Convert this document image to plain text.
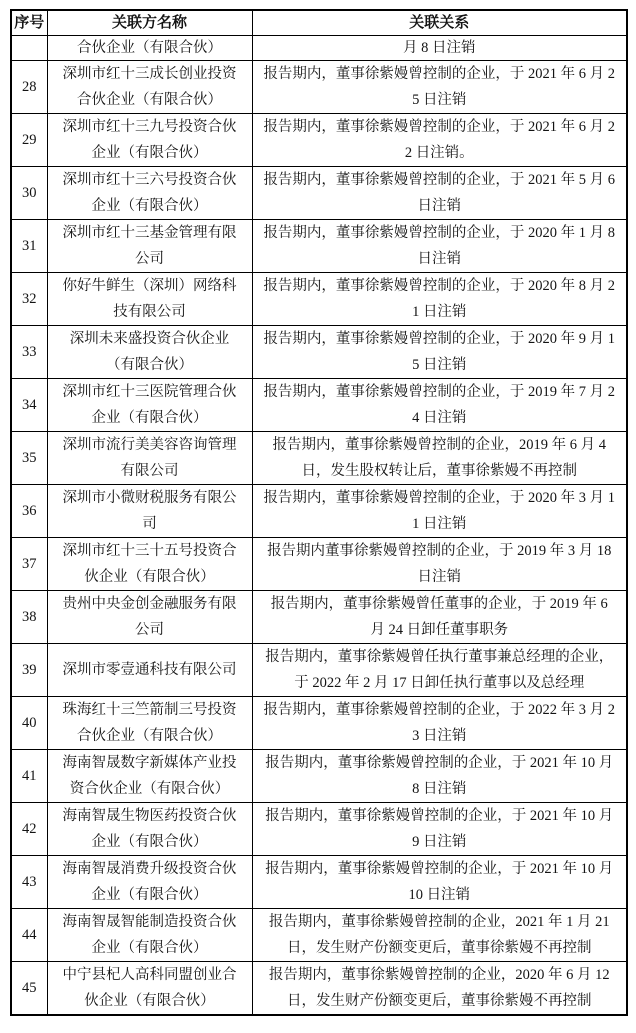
序号	关联方名称	关联关系
	合伙企业（有限合伙）	月 8 日注销
28	深圳市红十三成长创业投资合伙企业（有限合伙）	报告期内，董事徐紫嫚曾控制的企业，于 2021 年 6 月 25 日注销
29	深圳市红十三九号投资合伙企业（有限合伙）	报告期内，董事徐紫嫚曾控制的企业，于 2021 年 6 月 22 日注销。
30	深圳市红十三六号投资合伙企业（有限合伙）	报告期内，董事徐紫嫚曾控制的企业，于 2021 年 5 月 6 日注销
31	深圳市红十三基金管理有限公司	报告期内，董事徐紫嫚曾控制的企业，于 2020 年 1 月 8 日注销
32	你好牛鲜生（深圳）网络科技有限公司	报告期内，董事徐紫嫚曾控制的企业，于 2020 年 8 月 21 日注销
33	深圳未来盛投资合伙企业（有限合伙）	报告期内，董事徐紫嫚曾控制的企业，于 2020 年 9 月 15 日注销
34	深圳市红十三医院管理合伙企业（有限合伙）	报告期内，董事徐紫嫚曾控制的企业，于 2019 年 7 月 24 日注销
35	深圳市流行美美容咨询管理有限公司	报告期内，董事徐紫嫚曾控制的企业，2019 年 6 月 4 日，发生股权转让后，董事徐紫嫚不再控制
36	深圳市小微财税服务有限公司	报告期内，董事徐紫嫚曾控制的企业，于 2020 年 3 月 11 日注销
37	深圳市红十三十五号投资合伙企业（有限合伙）	报告期内董事徐紫嫚曾控制的企业，于 2019 年 3 月 18 日注销
38	贵州中央金创金融服务有限公司	报告期内，董事徐紫嫚曾任董事的企业，于 2019 年 6 月 24 日卸任董事职务
39	深圳市零壹通科技有限公司	报告期内，董事徐紫嫚曾任执行董事兼总经理的企业，于 2022 年 2 月 17 日卸任执行董事以及总经理
40	珠海红十三竺箭制三号投资合伙企业（有限合伙）	报告期内，董事徐紫嫚曾控制的企业，于 2022 年 3 月 23 日注销
41	海南智晟数字新媒体产业投资合伙企业（有限合伙）	报告期内，董事徐紫嫚曾控制的企业，于 2021 年 10 月 8 日注销
42	海南智晟生物医药投资合伙企业（有限合伙）	报告期内，董事徐紫嫚曾控制的企业，于 2021 年 10 月 9 日注销
43	海南智晟消费升级投资合伙企业（有限合伙）	报告期内，董事徐紫嫚曾控制的企业，于 2021 年 10 月 10 日注销
44	海南智晟智能制造投资合伙企业（有限合伙）	报告期内，董事徐紫嫚曾控制的企业，2021 年 1 月 21 日，发生财产份额变更后，董事徐紫嫚不再控制
45	中宁县杞人高科同盟创业合伙企业（有限合伙）	报告期内，董事徐紫嫚曾控制的企业，2020 年 6 月 12 日，发生财产份额变更后，董事徐紫嫚不再控制
